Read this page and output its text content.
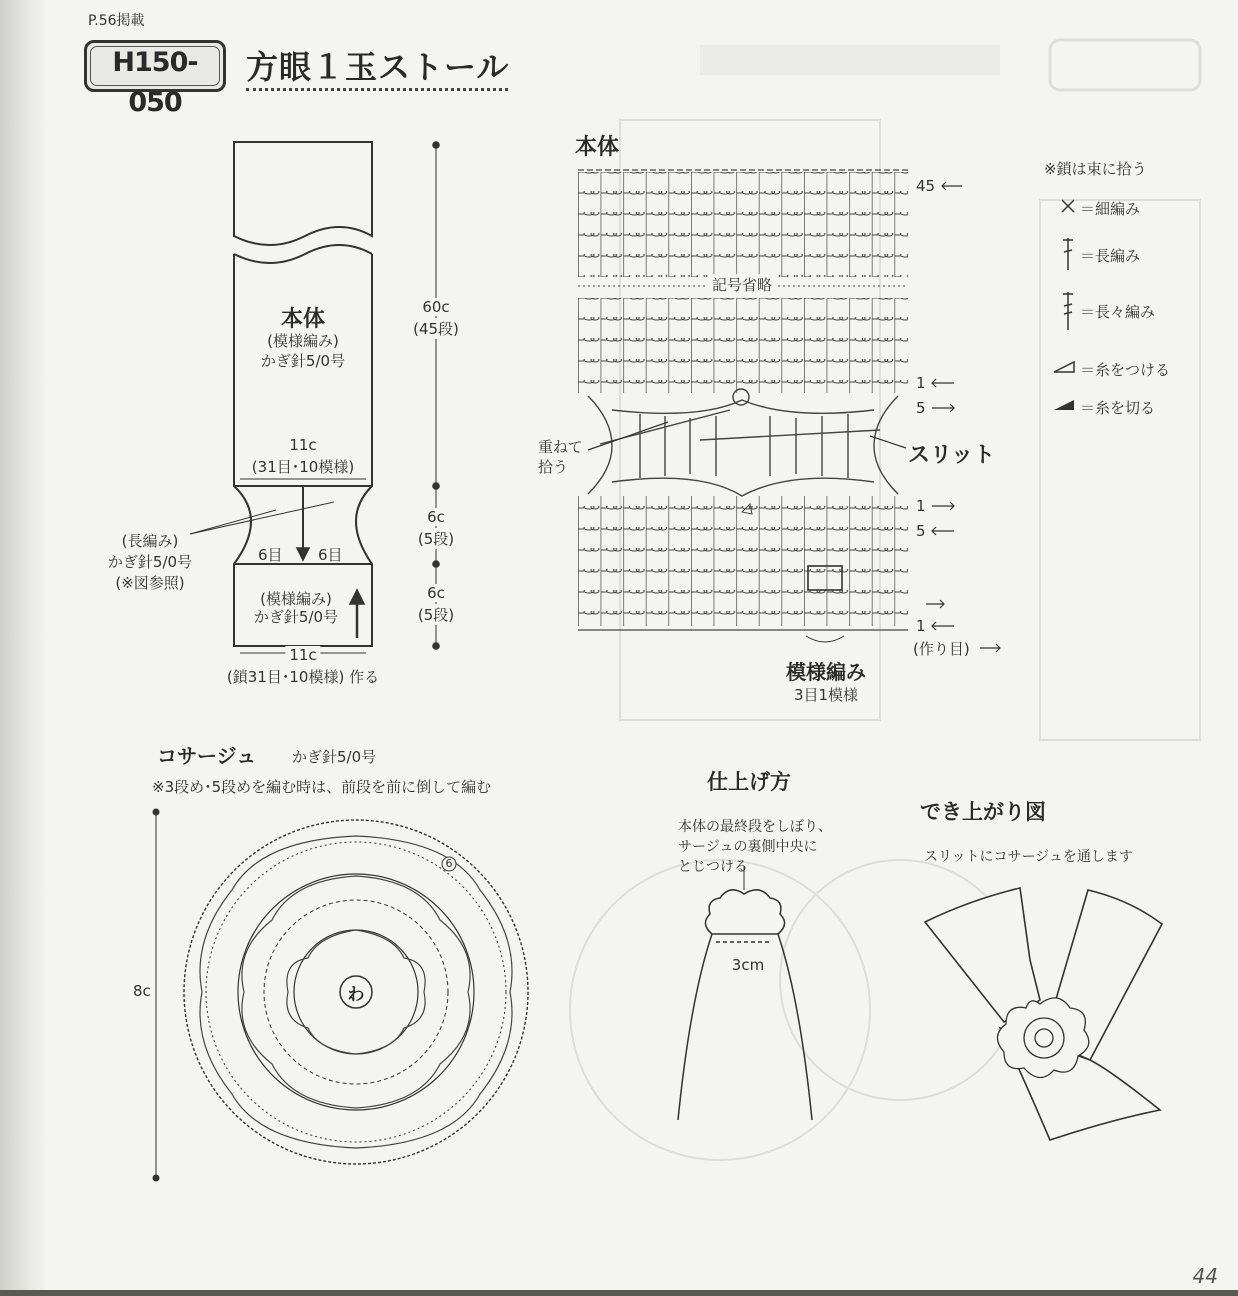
P.56掲載
H150-050
方眼１玉ストール
本体
(模様編み)
かぎ針5/0号
60c
(45段)
11c
(31目･10模様)
(長編み)
かぎ針5/0号
(※図参照)
6目 6目
6c
(5段)
6c
(5段)
(模様編み)
かぎ針5/0号
11c
(鎖31目･10模様) 作る
本体
45
記号省略
1
5
重ねて
拾う	スリット
1
5
1
(作り目)
模様編み
3目1模様
※鎖は束に拾う
＝細編み
＝長編み
＝長々編み
＝糸をつける
＝糸を切る
コサージュ かぎ針5/0号
※3段め･5段めを編む時は、前段を前に倒して編む
わ
8c
6
仕上げ方
本体の最終段をしぼり、
サージュの裏側中央に
とじつける
3cm
でき上がり図
スリットにコサージュを通します
44
